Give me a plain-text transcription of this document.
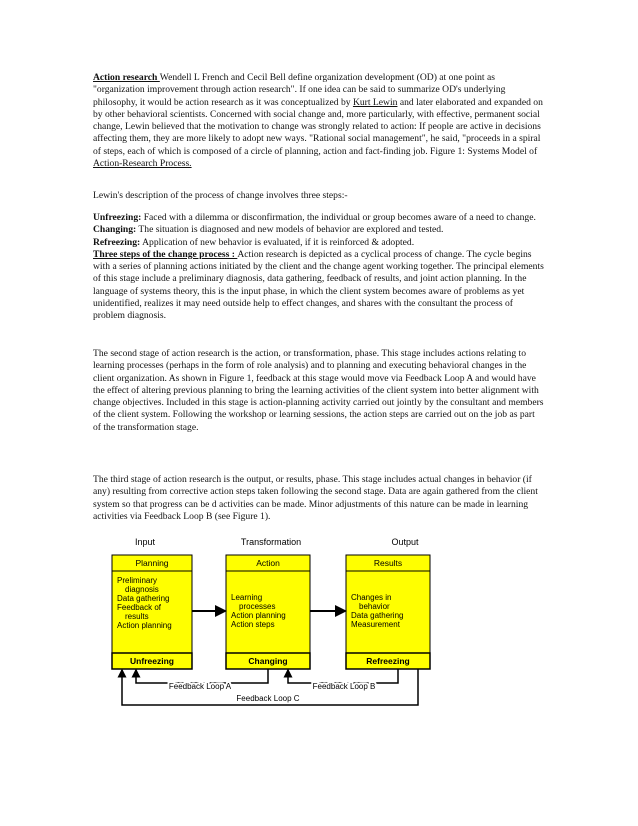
Action research Wendell L French and Cecil Bell define organization development (OD) at one point as "organization improvement through action research". If one idea can be said to summarize OD's underlying philosophy, it would be action research as it was conceptualized by Kurt Lewin and later elaborated and expanded on by other behavioral scientists. Concerned with social change and, more particularly, with effective, permanent social change, Lewin believed that the motivation to change was strongly related to action: If people are active in decisions affecting them, they are more likely to adopt new ways. "Rational social management", he said, "proceeds in a spiral of steps, each of which is composed of a circle of planning, action and fact-finding job. Figure 1: Systems Model of Action-Research Process.

Lewin's description of the process of change involves three steps:-

Unfreezing: Faced with a dilemma or disconfirmation, the individual or group becomes aware of a need to change.
Changing: The situation is diagnosed and new models of behavior are explored and tested.
Refreezing: Application of new behavior is evaluated, if it is reinforced & adopted.
Three steps of the change process : Action research is depicted as a cyclical process of change. The cycle begins with a series of planning actions initiated by the client and the change agent working together. The principal elements of this stage include a preliminary diagnosis, data gathering, feedback of results, and joint action planning. In the language of systems theory, this is the input phase, in which the client system becomes aware of problems as yet unidentified, realizes it may need outside help to effect changes, and shares with the consultant the process of problem diagnosis.

The second stage of action research is the action, or transformation, phase. This stage includes actions relating to learning processes (perhaps in the form of role analysis) and to planning and executing behavioral changes in the client organization. As shown in Figure 1, feedback at this stage would move via Feedback Loop A and would have the effect of altering previous planning to bring the learning activities of the client system into better alignment with change objectives. Included in this stage is action-planning activity carried out jointly by the consultant and members of the client system. Following the workshop or learning sessions, the action steps are carried out on the job as part of the transformation stage.

The third stage of action research is the output, or results, phase. This stage includes actual changes in behavior (if any) resulting from corrective action steps taken following the second stage. Data are again gathered from the client system so that progress can be d activities can be made. Minor adjustments of this nature can be made in learning activities via Feedback Loop B (see Figure 1).

Input	Transformation	Output
Planning
Preliminary
diagnosis
Data gathering
Feedback of
results
Action planning
Unfreezing
Action
Learning
processes
Action planning
Action steps
Changing
Results
Changes in
behavior
Data gathering
Measurement
Refreezing
Feedback Loop A	Feedback Loop B
Feedback Loop C
